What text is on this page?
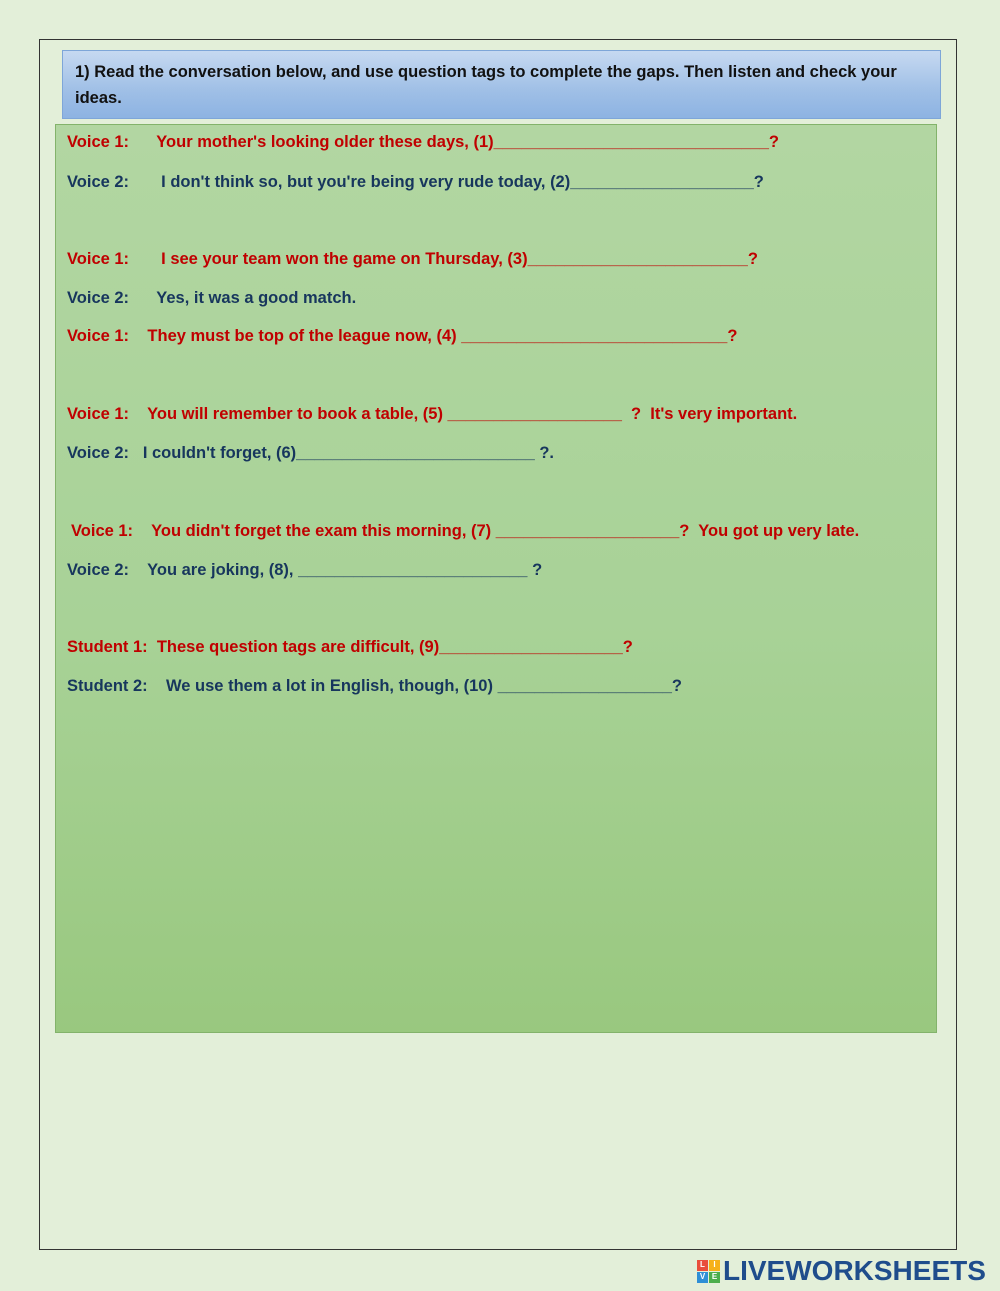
1) Read the conversation below, and use question tags to complete the gaps. Then listen and check your ideas.
Voice 1: Your mother's looking older these days, (1)______________________________?
Voice 2: I don't think so, but you're being very rude today, (2)____________________?
Voice 1: I see your team won the game on Thursday, (3)________________________?
Voice 2: Yes, it was a good match.
Voice 1: They must be top of the league now, (4) _____________________________?
Voice 1: You will remember to book a table, (5) ___________________  ?  It's very important.
Voice 2: I couldn't forget, (6)__________________________ ?.
Voice 1: You didn't forget the exam this morning, (7) ____________________?  You got up very late.
Voice 2: You are joking, (8), _________________________ ?
Student 1: These question tags are difficult, (9)____________________?
Student 2: We use them a lot in English, though, (10) ___________________?
L	I
V E LIVEWORKSHEETS
